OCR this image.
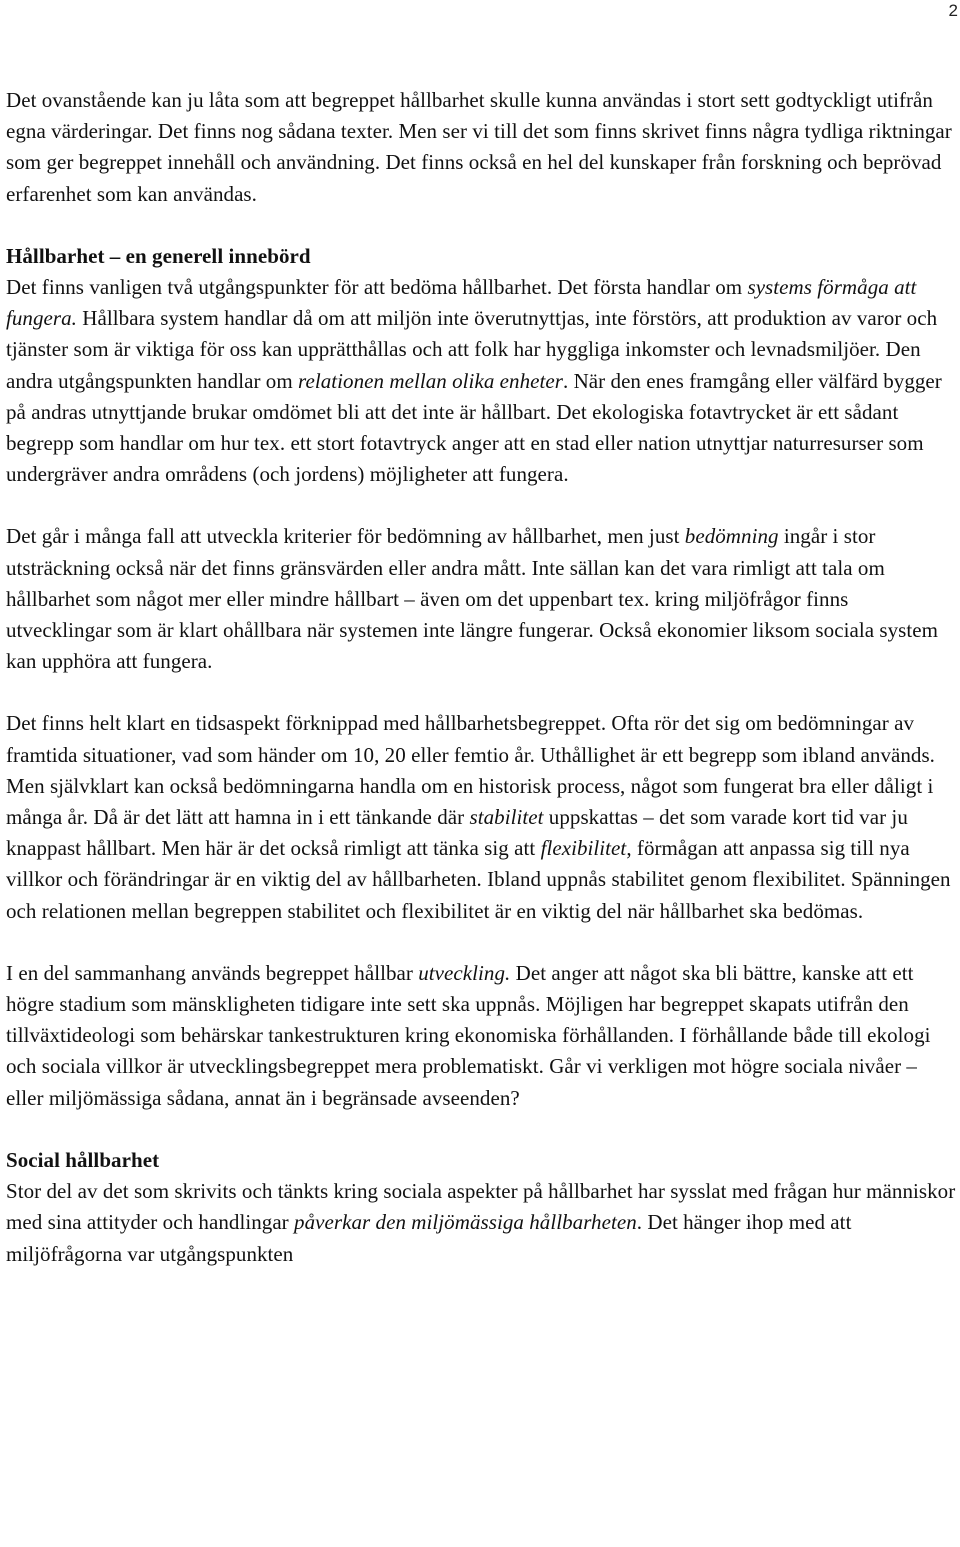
2

Det ovanstående kan ju låta som att begreppet hållbarhet skulle kunna användas i stort sett godtyckligt utifrån egna värderingar. Det finns nog sådana texter. Men ser vi till det som finns skrivet finns några tydliga riktningar som ger begreppet innehåll och användning. Det finns också en hel del kunskaper från forskning och beprövad erfarenhet som kan användas.

Hållbarhet – en generell innebörd

Det finns vanligen två utgångspunkter för att bedöma hållbarhet. Det första handlar om systems förmåga att fungera. Hållbara system handlar då om att miljön inte överutnyttjas, inte förstörs, att produktion av varor och tjänster som är viktiga för oss kan upprätthållas och att folk har hyggliga inkomster och levnadsmiljöer. Den andra utgångspunkten handlar om relationen mellan olika enheter. När den enes framgång eller välfärd bygger på andras utnyttjande brukar omdömet bli att det inte är hållbart. Det ekologiska fotavtrycket är ett sådant begrepp som handlar om hur tex. ett stort fotavtryck anger att en stad eller nation utnyttjar naturresurser som undergräver andra områdens (och jordens) möjligheter att fungera.

Det går i många fall att utveckla kriterier för bedömning av hållbarhet, men just bedömning ingår i stor utsträckning också när det finns gränsvärden eller andra mått. Inte sällan kan det vara rimligt att tala om hållbarhet som något mer eller mindre hållbart – även om det uppenbart tex. kring miljöfrågor finns utvecklingar som är klart ohållbara när systemen inte längre fungerar. Också ekonomier liksom sociala system kan upphöra att fungera.

Det finns helt klart en tidsaspekt förknippad med hållbarhetsbegreppet. Ofta rör det sig om bedömningar av framtida situationer, vad som händer om 10, 20 eller femtio år. Uthållighet är ett begrepp som ibland används. Men självklart kan också bedömningarna handla om en historisk process, något som fungerat bra eller dåligt i många år. Då är det lätt att hamna in i ett tänkande där stabilitet uppskattas – det som varade kort tid var ju knappast hållbart. Men här är det också rimligt att tänka sig att flexibilitet, förmågan att anpassa sig till nya villkor och förändringar är en viktig del av hållbarheten. Ibland uppnås stabilitet genom flexibilitet. Spänningen och relationen mellan begreppen stabilitet och flexibilitet är en viktig del när hållbarhet ska bedömas.

I en del sammanhang används begreppet hållbar utveckling. Det anger att något ska bli bättre, kanske att ett högre stadium som mänskligheten tidigare inte sett ska uppnås. Möjligen har begreppet skapats utifrån den tillväxtideologi som behärskar tankestrukturen kring ekonomiska förhållanden. I förhållande både till ekologi och sociala villkor är utvecklingsbegreppet mera problematiskt. Går vi verkligen mot högre sociala nivåer – eller miljömässiga sådana, annat än i begränsade avseenden?

Social hållbarhet

Stor del av det som skrivits och tänkts kring sociala aspekter på hållbarhet har sysslat med frågan hur människor med sina attityder och handlingar påverkar den miljömässiga hållbarheten. Det hänger ihop med att miljöfrågorna var utgångspunkten
